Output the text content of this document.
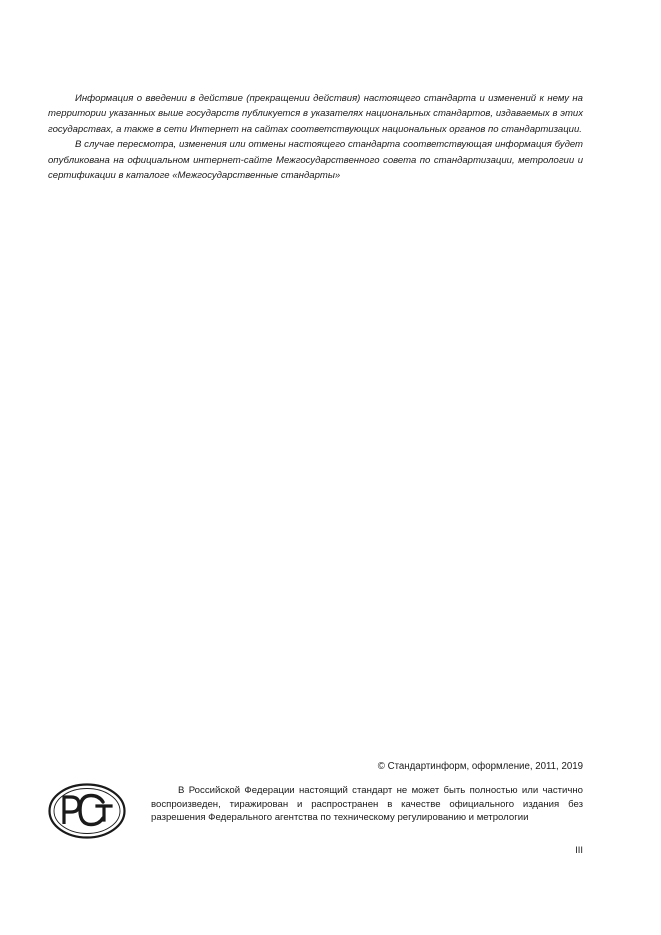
Информация о введении в действие (прекращении действия) настоящего стандарта и изменений к нему на территории указанных выше государств публикуется в указателях национальных стандартов, издаваемых в этих государствах, а также в сети Интернет на сайтах соответствующих национальных органов по стандартизации.

В случае пересмотра, изменения или отмены настоящего стандарта соответствующая информация будет опубликована на официальном интернет-сайте Межгосударственного совета по стандартизации, метрологии и сертификации в каталоге «Межгосударственные стандарты»

© Стандартинформ, оформление, 2011, 2019

В Российской Федерации настоящий стандарт не может быть полностью или частично воспроизведен, тиражирован и распространен в качестве официального издания без разрешения Федерального агентства по техническому регулированию и метрологии

III
